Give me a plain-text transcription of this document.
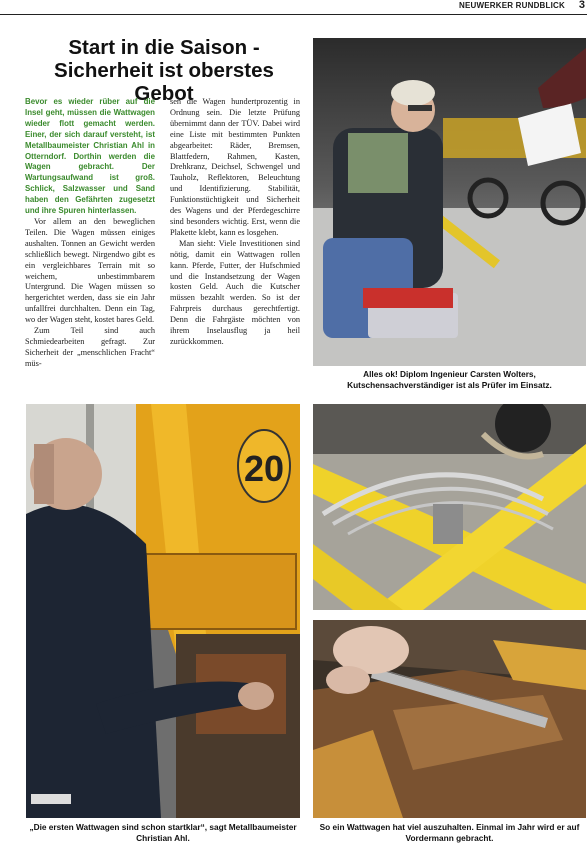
NEUWERKER RUNDBLICK 3
Start in die Saison -
Sicherheit ist oberstes Gebot

Bevor es wieder rüber auf die Insel geht, müssen die Wattwagen wieder flott gemacht werden. Einer, der sich darauf versteht, ist Metallbaumeister Christian Ahl in Otterndorf. Dorthin werden die Wagen gebracht. Der Wartungsaufwand ist groß. Schlick, Salzwasser und Sand haben den Gefährten zugesetzt und ihre Spuren hinterlassen.

Vor allem an den beweglichen Teilen. Die Wagen müssen einiges aushalten. Tonnen an Gewicht werden schließlich bewegt. Nirgendwo gibt es ein vergleichbares Terrain mit so weichem, unbestimmbarem Untergrund. Die Wagen müssen so hergerichtet werden, dass sie ein Jahr unfallfrei durchhalten. Denn ein Tag, wo der Wagen steht, kostet bares Geld.

Zum Teil sind auch Schmiedearbeiten gefragt. Zur Sicherheit der „menschlichen Fracht“ müs-

sen die Wagen hundertprozentig in Ordnung sein. Die letzte Prüfung übernimmt dann der TÜV. Dabei wird eine Liste mit bestimmten Punkten abgearbeitet: Räder, Bremsen, Blattfedern, Rahmen, Kasten, Drehkranz, Deichsel, Schwengel und Tauholz, Reflektoren, Beleuchtung und Identifizierung. Stabilität, Funktionstüchtigkeit und Sicherheit des Wagens und der Pferdegeschirre sind besonders wichtig. Erst, wenn die Plakette klebt, kann es losgehen.

Man sieht: Viele Investitionen sind nötig, damit ein Wattwagen rollen kann. Pferde, Futter, der Hufschmied und die Instandsetzung der Wagen kosten Geld. Auch die Kutscher müssen bezahlt werden. So ist der Fahrpreis durchaus gerechtfertigt. Denn die Fahrgäste möchten von ihrem Inselausflug ja heil zurückkommen.

Alles ok! Diplom Ingenieur Carsten Wolters, Kutschensachverständiger ist als Prüfer im Einsatz.
20
„Die ersten Wattwagen sind schon startklar“, sagt Metallbaumeister Christian Ahl.
So ein Wattwagen hat viel auszuhalten. Einmal im Jahr wird er auf Vordermann gebracht.
